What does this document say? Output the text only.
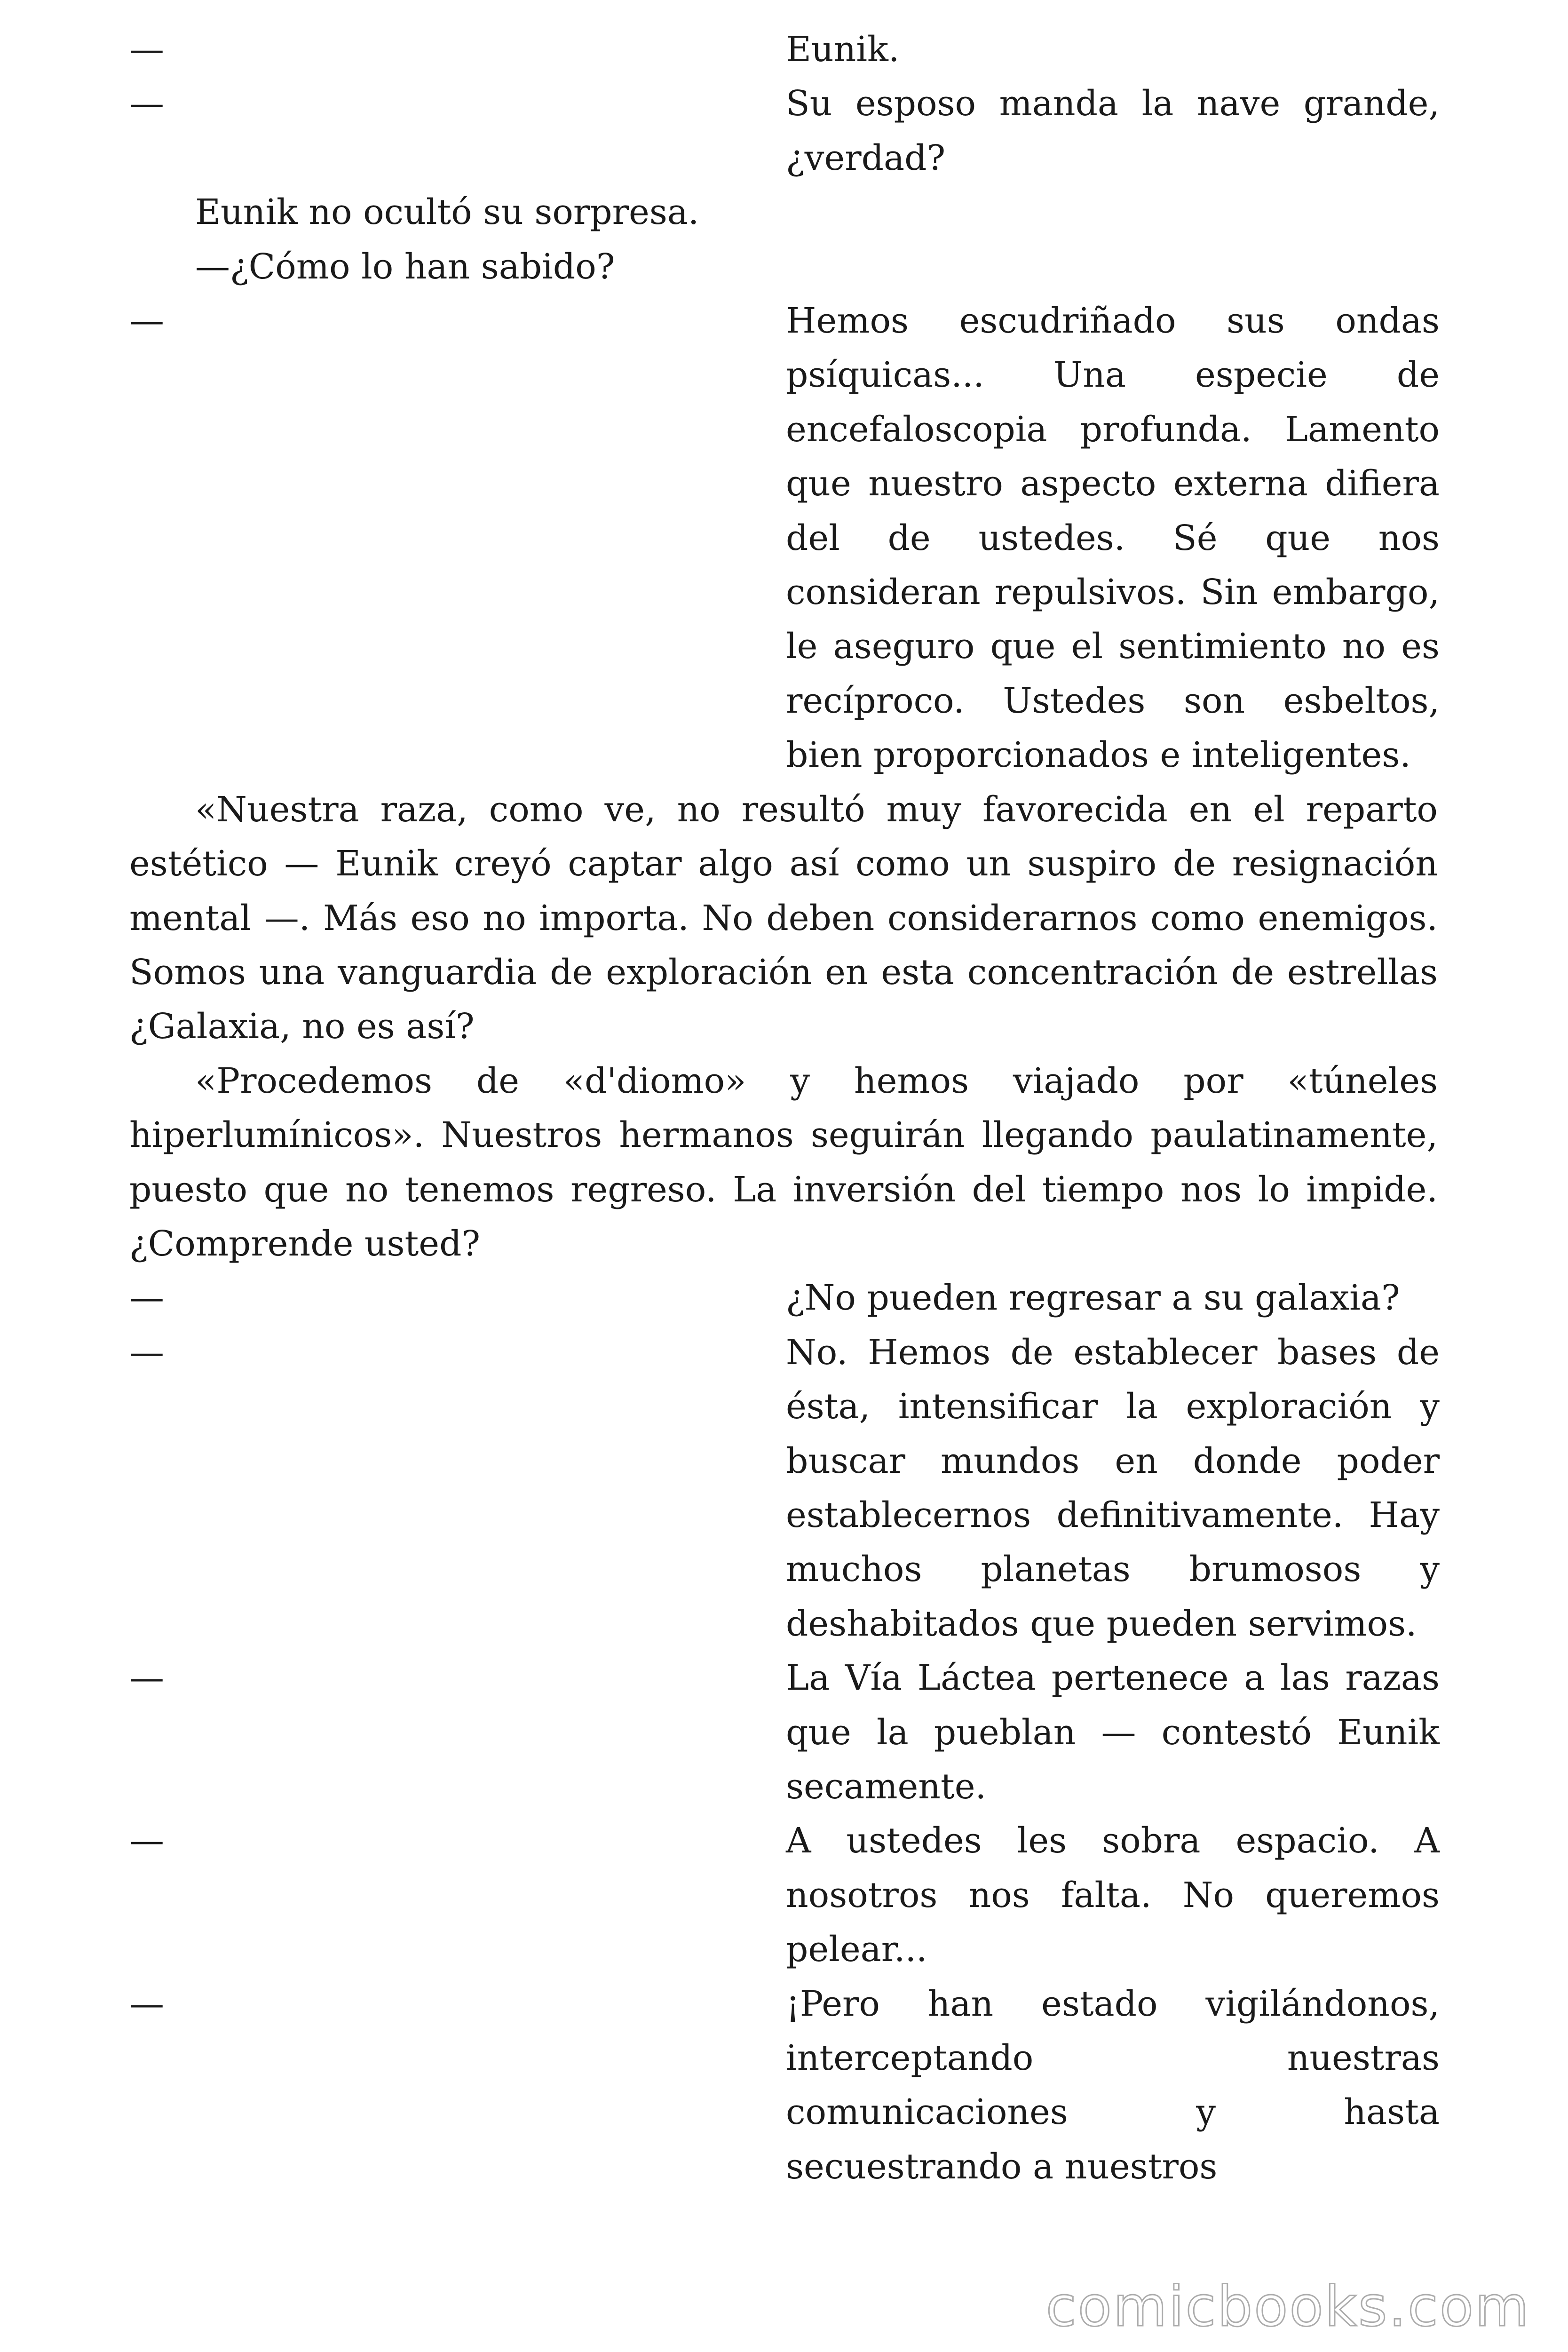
—	Eunik.
—	Su esposo manda la nave grande, ¿verdad?
Eunik no ocultó su sorpresa.
—¿Cómo lo han sabido?
—	Hemos escudriñado sus ondas psíquicas... Una especie de encefaloscopia profunda. Lamento que nuestro aspecto externa difiera del de ustedes. Sé que nos consideran repulsivos. Sin embargo, le aseguro que el sentimiento no es recíproco. Ustedes son esbeltos, bien proporcionados e inteligentes.
«Nuestra raza, como ve, no resultó muy favorecida en el reparto estético — Eunik creyó captar algo así como un suspiro de resignación mental —. Más eso no importa. No deben considerarnos como enemigos. Somos una vanguardia de exploración en esta concentración de estrellas ¿Galaxia, no es así?
«Procedemos de «d'diomo» y hemos viajado por «túneles hiperlumínicos». Nuestros hermanos seguirán llegando paulatinamente, puesto que no tenemos regreso. La inversión del tiempo nos lo impide. ¿Comprende usted?
—	¿No pueden regresar a su galaxia?
—	No. Hemos de establecer bases de ésta, intensificar la exploración y buscar mundos en donde poder establecernos definitivamente. Hay muchos planetas brumosos y deshabitados que pueden servimos.
—	La Vía Láctea pertenece a las razas que la pueblan — contestó Eunik secamente.
—	A ustedes les sobra espacio. A nosotros nos falta. No queremos pelear...
—	¡Pero han estado vigilándonos, interceptando nuestras comunicaciones y hasta secuestrando a nuestros
comicbooks.com
